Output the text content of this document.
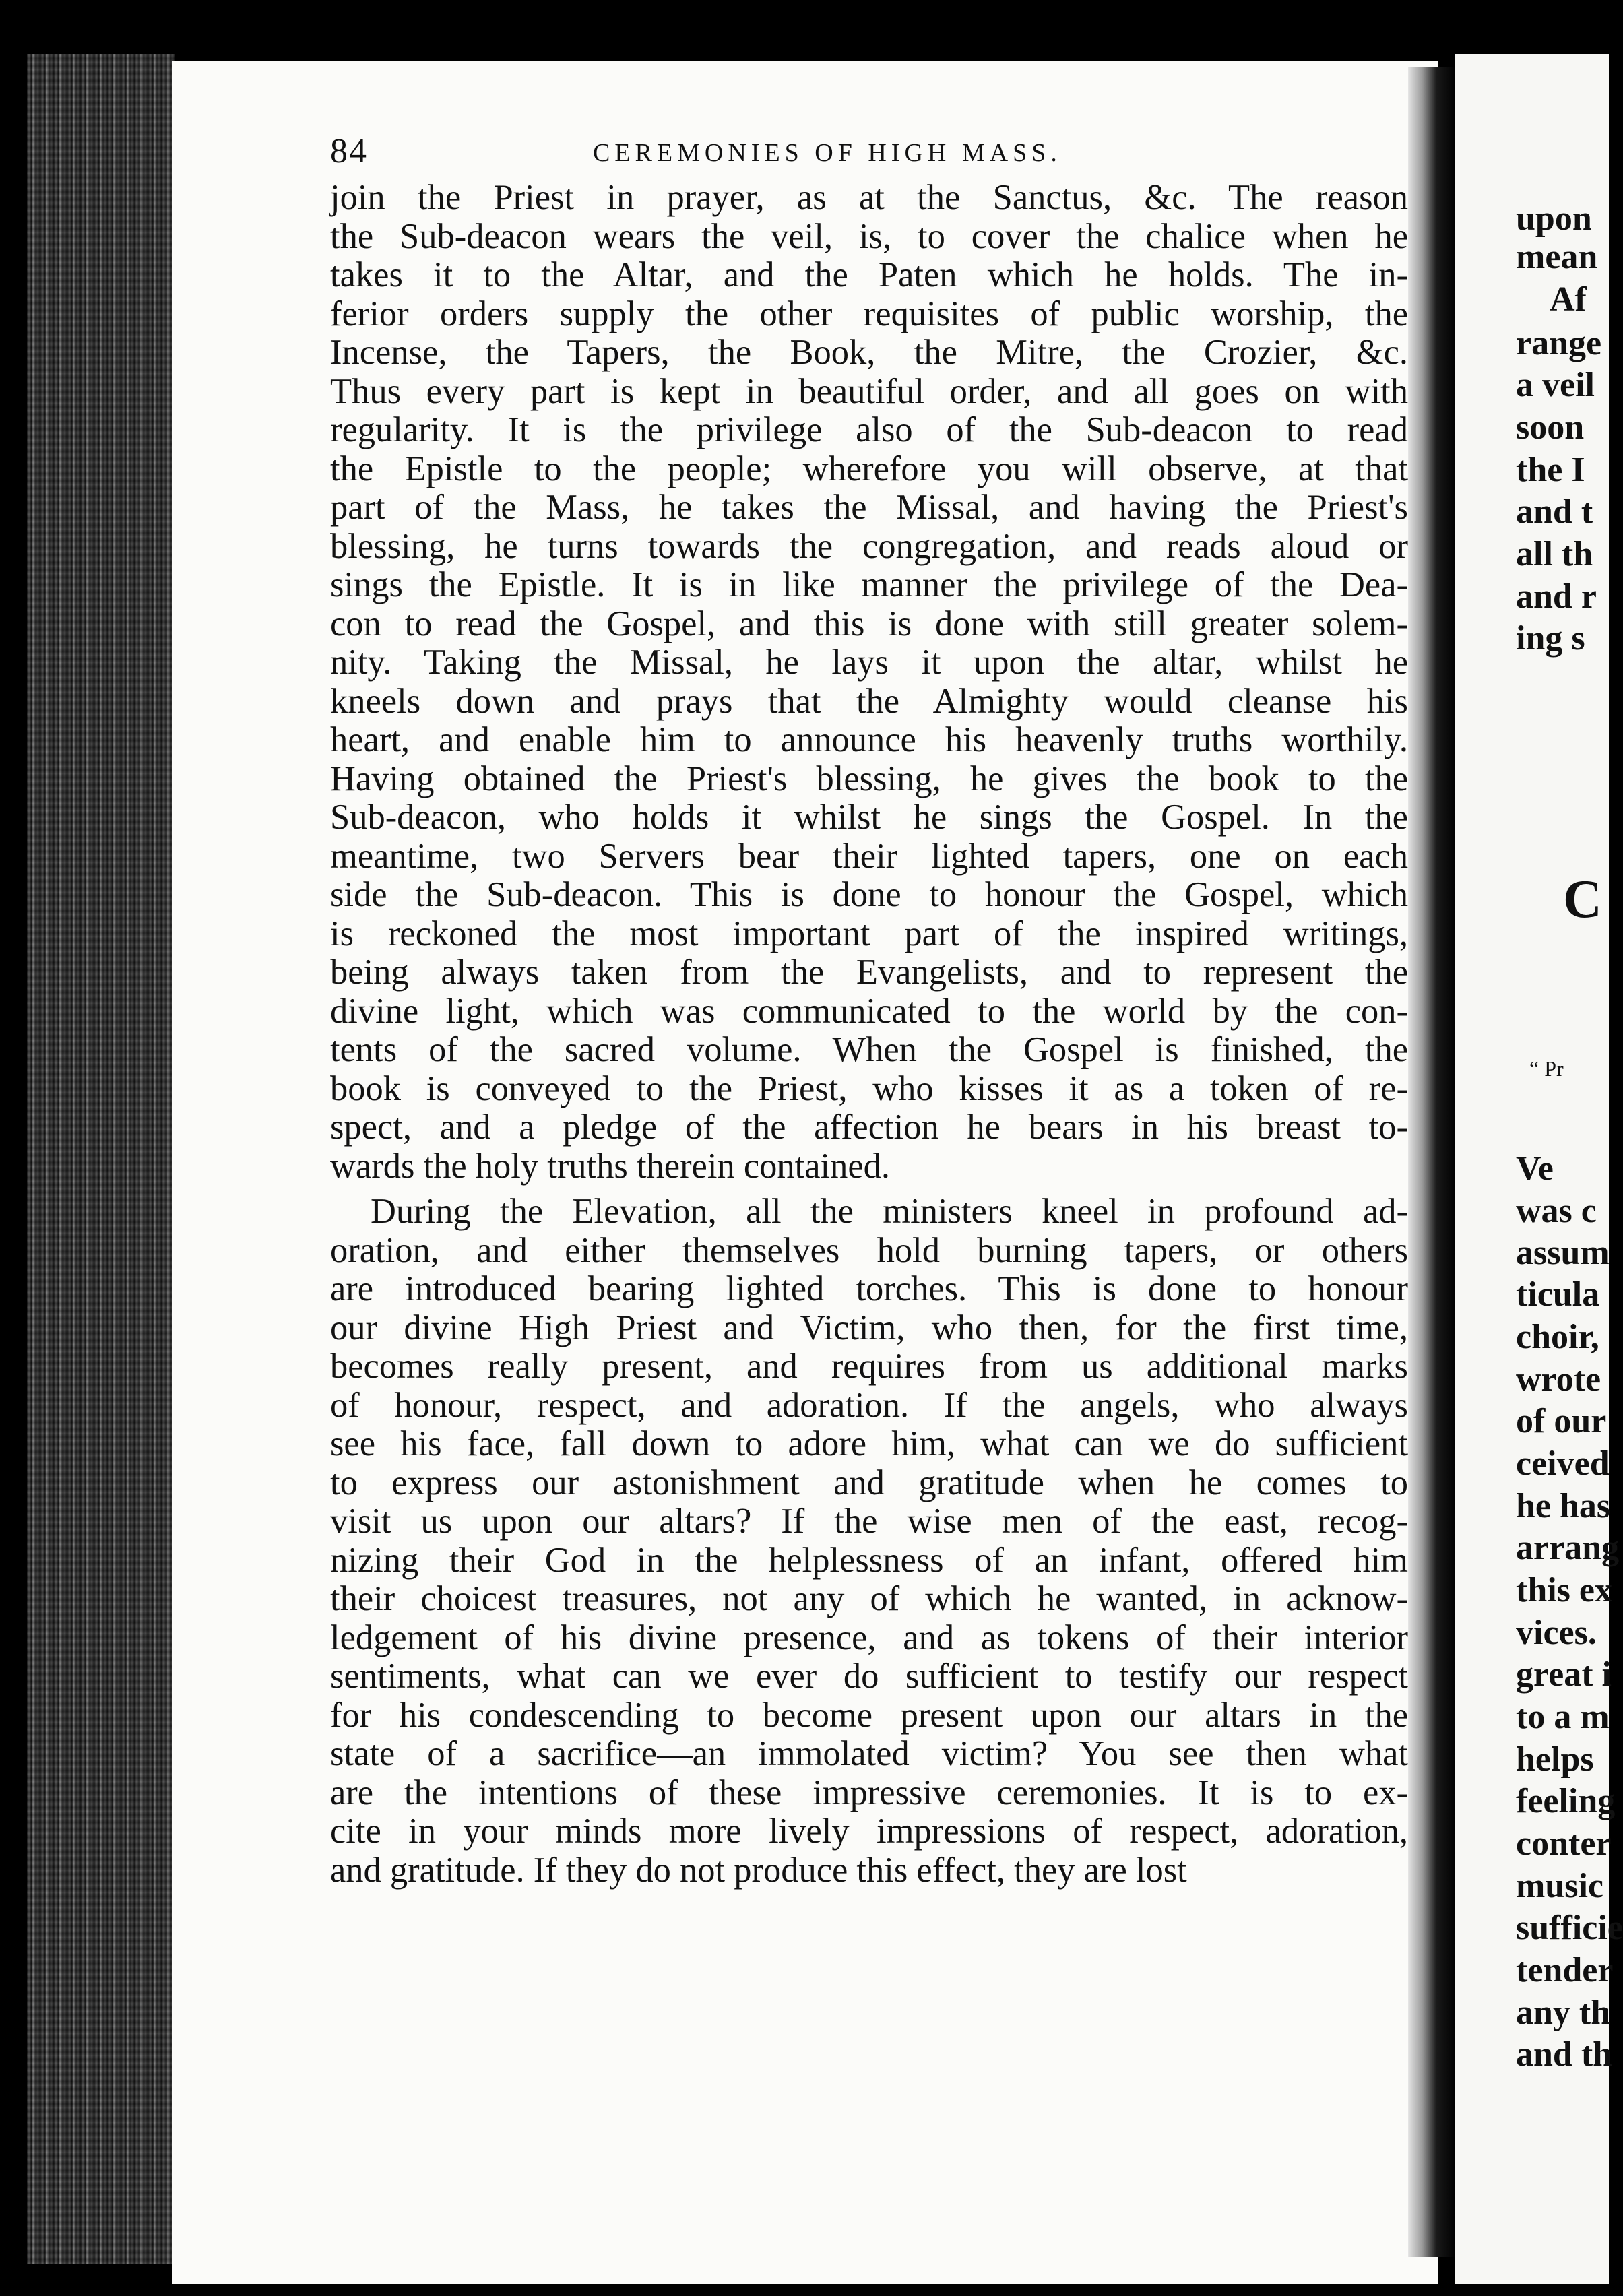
84	CEREMONIES OF HIGH MASS.
join the Priest in prayer, as at the Sanctus, &c. The reason
the Sub-deacon wears the veil, is, to cover the chalice when he
takes it to the Altar, and the Paten which he holds. The in-
ferior orders supply the other requisites of public worship, the
Incense, the Tapers, the Book, the Mitre, the Crozier, &c.
Thus every part is kept in beautiful order, and all goes on with
regularity. It is the privilege also of the Sub-deacon to read
the Epistle to the people; wherefore you will observe, at that
part of the Mass, he takes the Missal, and having the Priest's
blessing, he turns towards the congregation, and reads aloud or
sings the Epistle. It is in like manner the privilege of the Dea-
con to read the Gospel, and this is done with still greater solem-
nity. Taking the Missal, he lays it upon the altar, whilst he
kneels down and prays that the Almighty would cleanse his
heart, and enable him to announce his heavenly truths worthily.
Having obtained the Priest's blessing, he gives the book to the
Sub-deacon, who holds it whilst he sings the Gospel. In the
meantime, two Servers bear their lighted tapers, one on each
side the Sub-deacon. This is done to honour the Gospel, which
is reckoned the most important part of the inspired writings,
being always taken from the Evangelists, and to represent the
divine light, which was communicated to the world by the con-
tents of the sacred volume. When the Gospel is finished, the
book is conveyed to the Priest, who kisses it as a token of re-
spect, and a pledge of the affection he bears in his breast to-
wards the holy truths therein contained.
During the Elevation, all the ministers kneel in profound ad-
oration, and either themselves hold burning tapers, or others
are introduced bearing lighted torches. This is done to honour
our divine High Priest and Victim, who then, for the first time,
becomes really present, and requires from us additional marks
of honour, respect, and adoration. If the angels, who always
see his face, fall down to adore him, what can we do sufficient
to express our astonishment and gratitude when he comes to
visit us upon our altars? If the wise men of the east, recog-
nizing their God in the helplessness of an infant, offered him
their choicest treasures, not any of which he wanted, in acknow-
ledgement of his divine presence, and as tokens of their interior
sentiments, what can we ever do sufficient to testify our respect
for his condescending to become present upon our altars in the
state of a sacrifice—an immolated victim? You see then what
are the intentions of these impressive ceremonies. It is to ex-
cite in your minds more lively impressions of respect, adoration,
and gratitude. If they do not produce this effect, they are lost
upon
mean
Af
range
a veil
soon
the I
and t
all th
and r
ing s
C
“ Pr
Ve
was c
assum
ticula
choir,
wrote
of our
ceived
he has
arrang
this ex
vices.
great i
to a m
helps
feeling
conter
music
sufficie
tender
any th
and th
